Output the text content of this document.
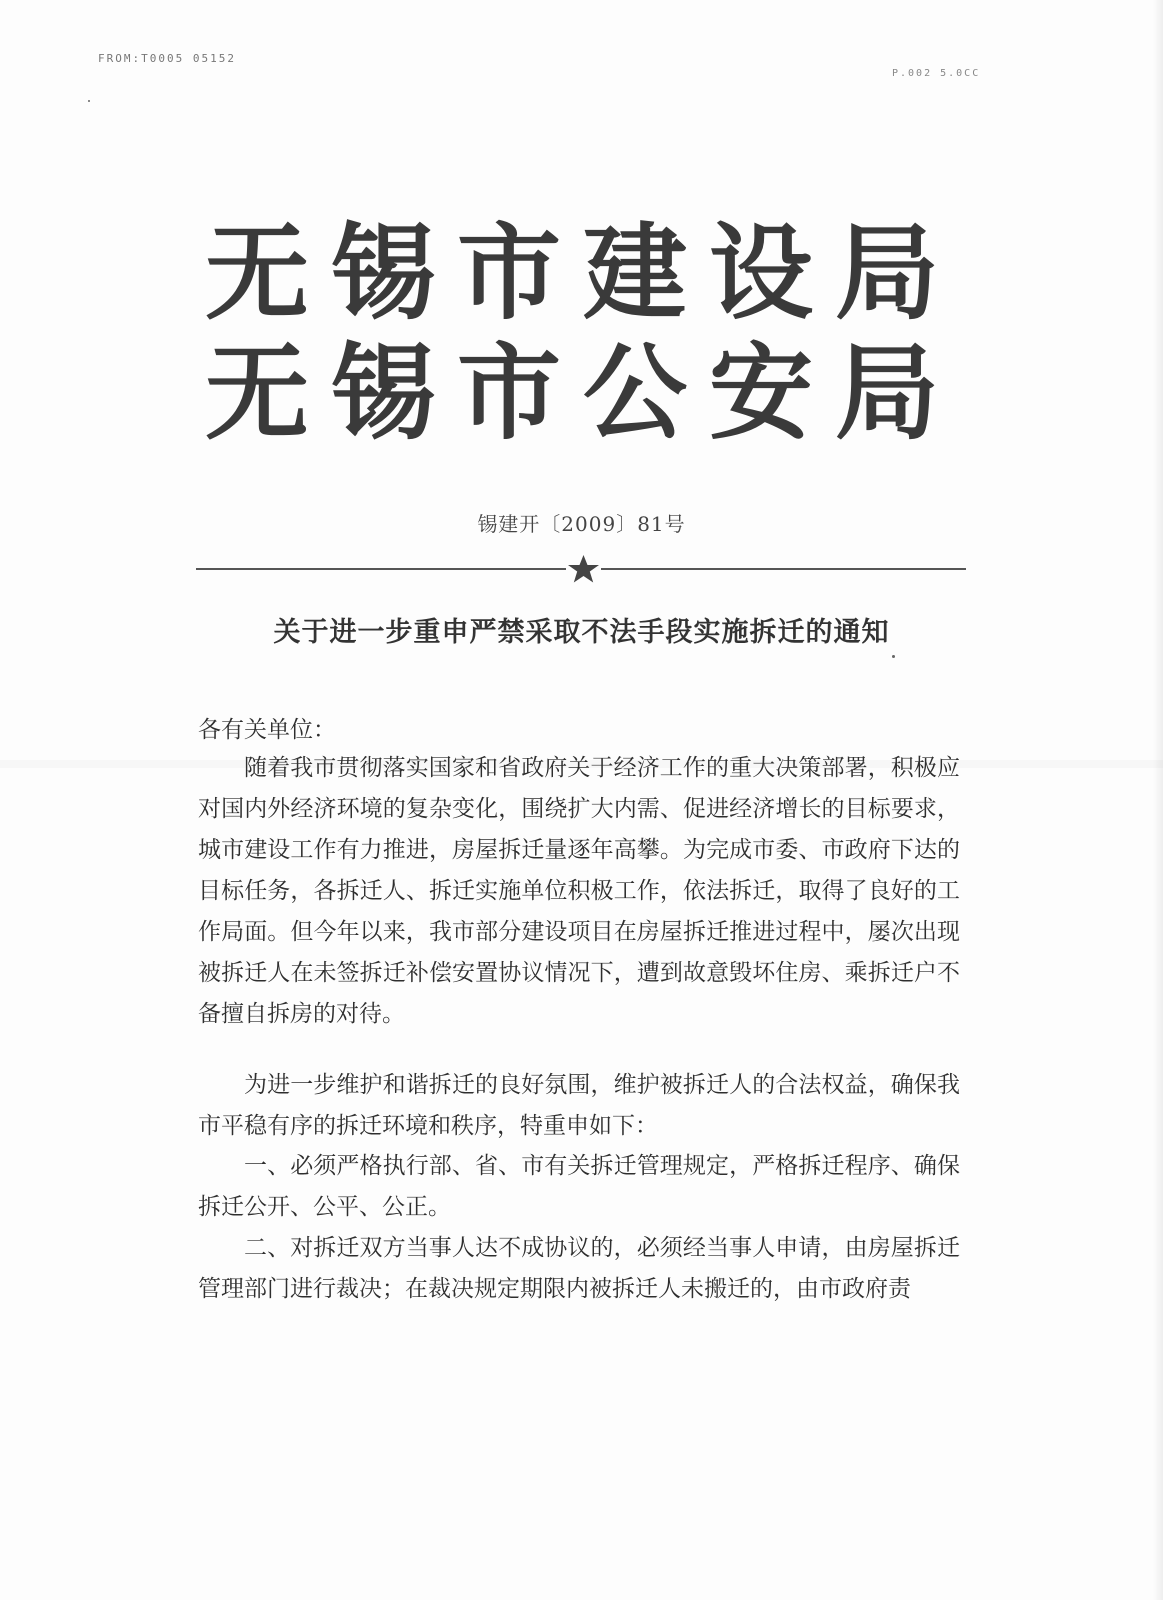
FROM:T0005 05152
P.002 5.0CC
无锡市建设局
无锡市公安局
锡建开〔2009〕81号
关于进一步重申严禁采取不法手段实施拆迁的通知
各有关单位：
随着我市贯彻落实国家和省政府关于经济工作的重大决策部署，积极应对国内外经济环境的复杂变化，围绕扩大内需、促进经济增长的目标要求，城市建设工作有力推进，房屋拆迁量逐年高攀。为完成市委、市政府下达的目标任务，各拆迁人、拆迁实施单位积极工作，依法拆迁，取得了良好的工作局面。但今年以来，我市部分建设项目在房屋拆迁推进过程中，屡次出现被拆迁人在未签拆迁补偿安置协议情况下，遭到故意毁坏住房、乘拆迁户不备擅自拆房的对待。
为进一步维护和谐拆迁的良好氛围，维护被拆迁人的合法权益，确保我市平稳有序的拆迁环境和秩序，特重申如下：
一、必须严格执行部、省、市有关拆迁管理规定，严格拆迁程序、确保拆迁公开、公平、公正。
二、对拆迁双方当事人达不成协议的，必须经当事人申请，由房屋拆迁管理部门进行裁决；在裁决规定期限内被拆迁人未搬迁的，由市政府责
